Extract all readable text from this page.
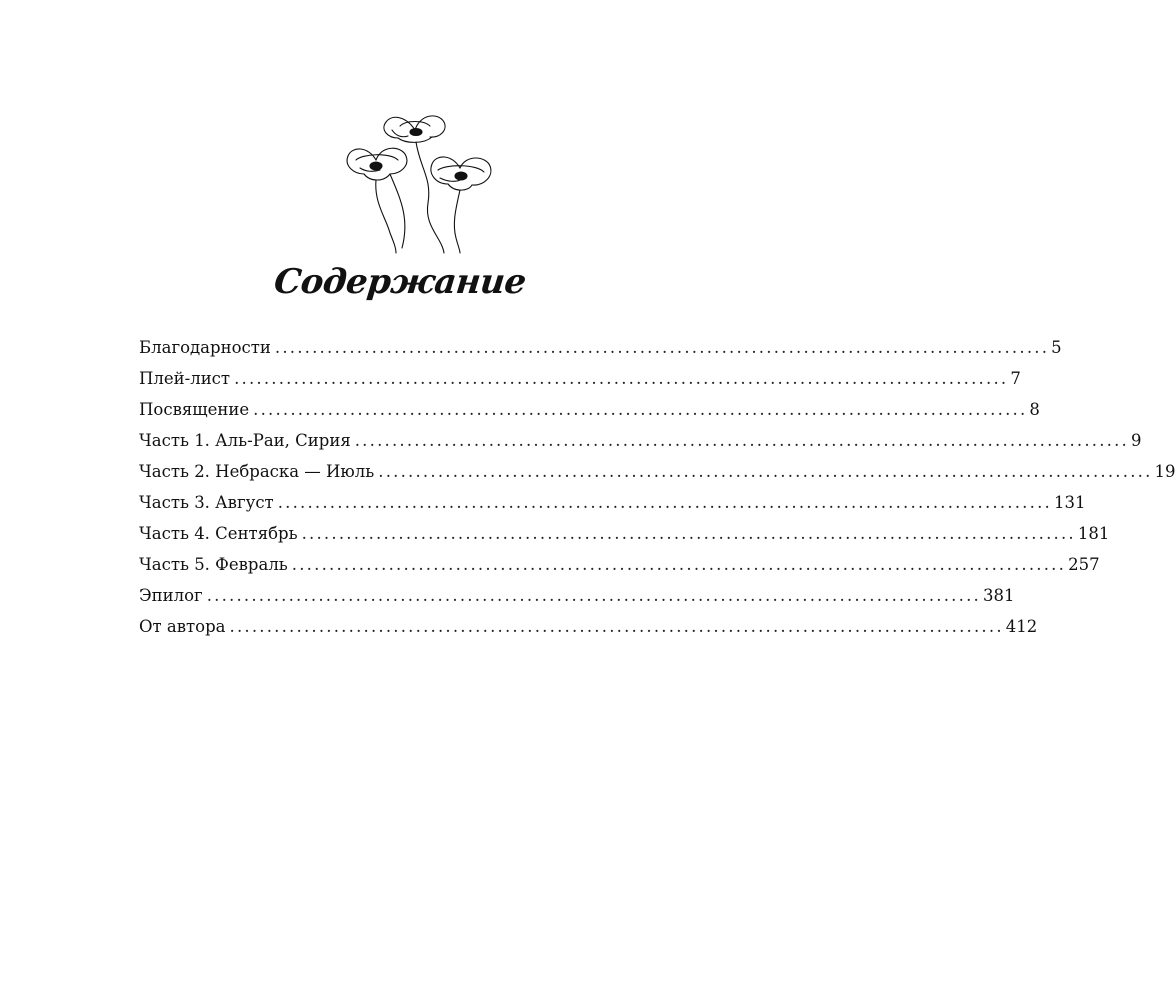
Содержание
Благодарности ........................................................................................................ 5
Плей-лист ........................................................................................................ 7
Посвящение ........................................................................................................ 8
Часть 1. Аль-Раи, Сирия ........................................................................................................ 9
Часть 2. Небраска — Июль ........................................................................................................ 19
Часть 3. Август ........................................................................................................ 131
Часть 4. Сентябрь ........................................................................................................ 181
Часть 5. Февраль ........................................................................................................ 257
Эпилог ........................................................................................................ 381
От автора ........................................................................................................ 412
